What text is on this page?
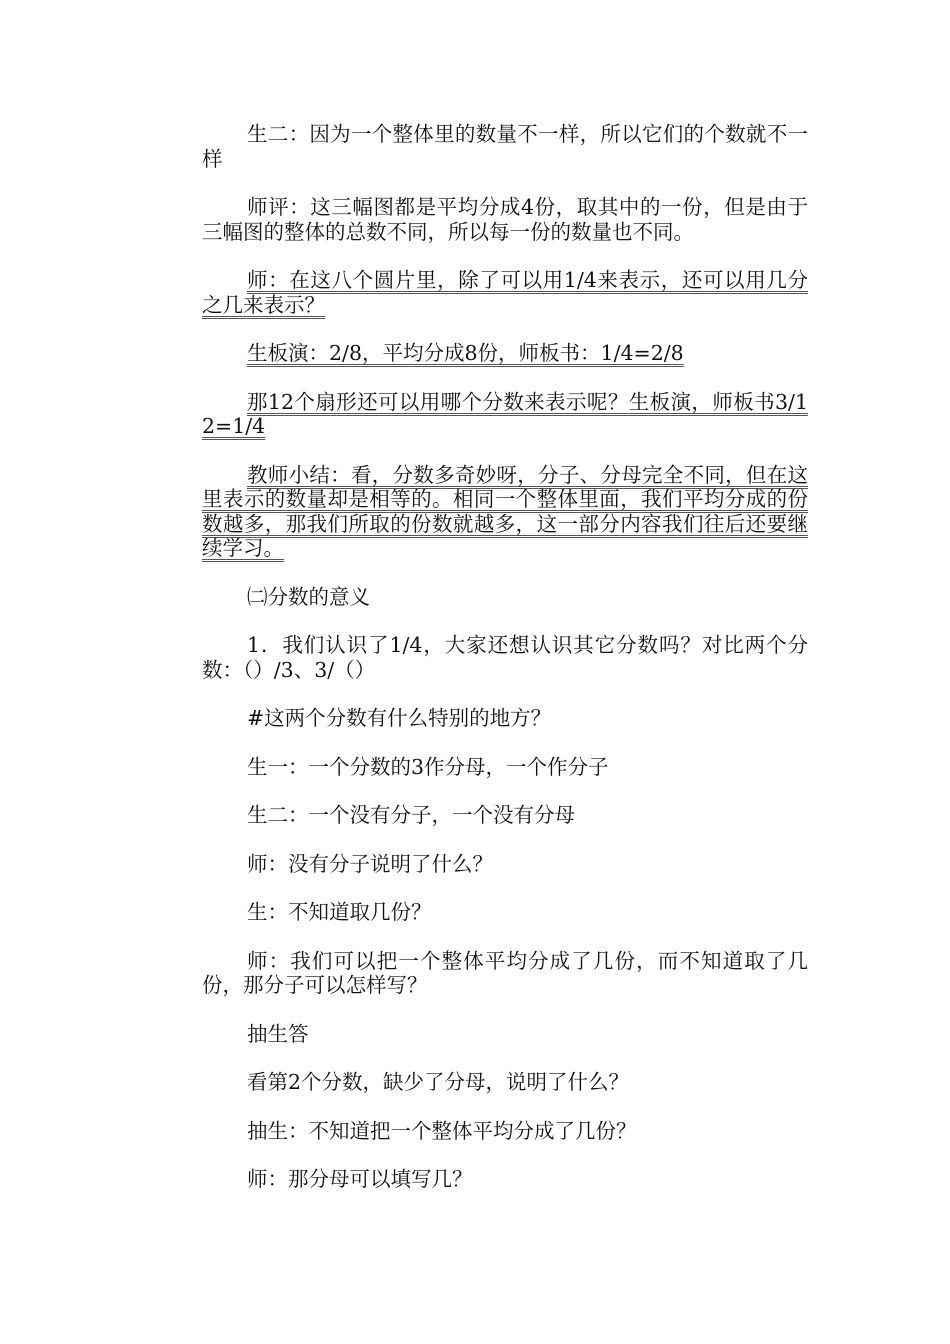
生二：因为一个整体里的数量不一样，所以它们的个数就不一样

师评：这三幅图都是平均分成4份，取其中的一份，但是由于三幅图的整体的总数不同，所以每一份的数量也不同。

师：在这八个圆片里，除了可以用1/4来表示，还可以用几分之几来表示？

生板演：2/8，平均分成8份，师板书：1/4=2/8

那12个扇形还可以用哪个分数来表示呢？生板演，师板书3/12=1/4

教师小结：看，分数多奇妙呀，分子、分母完全不同，但在这里表示的数量却是相等的。相同一个整体里面，我们平均分成的份数越多，那我们所取的份数就越多，这一部分内容我们往后还要继续学习。

㈡分数的意义

1．我们认识了1/4，大家还想认识其它分数吗？对比两个分数：（）/3、3/（）

#这两个分数有什么特别的地方？

生一：一个分数的3作分母，一个作分子

生二：一个没有分子，一个没有分母

师：没有分子说明了什么？

生：不知道取几份？

师：我们可以把一个整体平均分成了几份，而不知道取了几份，那分子可以怎样写？

抽生答

看第2个分数，缺少了分母，说明了什么？

抽生：不知道把一个整体平均分成了几份？

师：那分母可以填写几？
